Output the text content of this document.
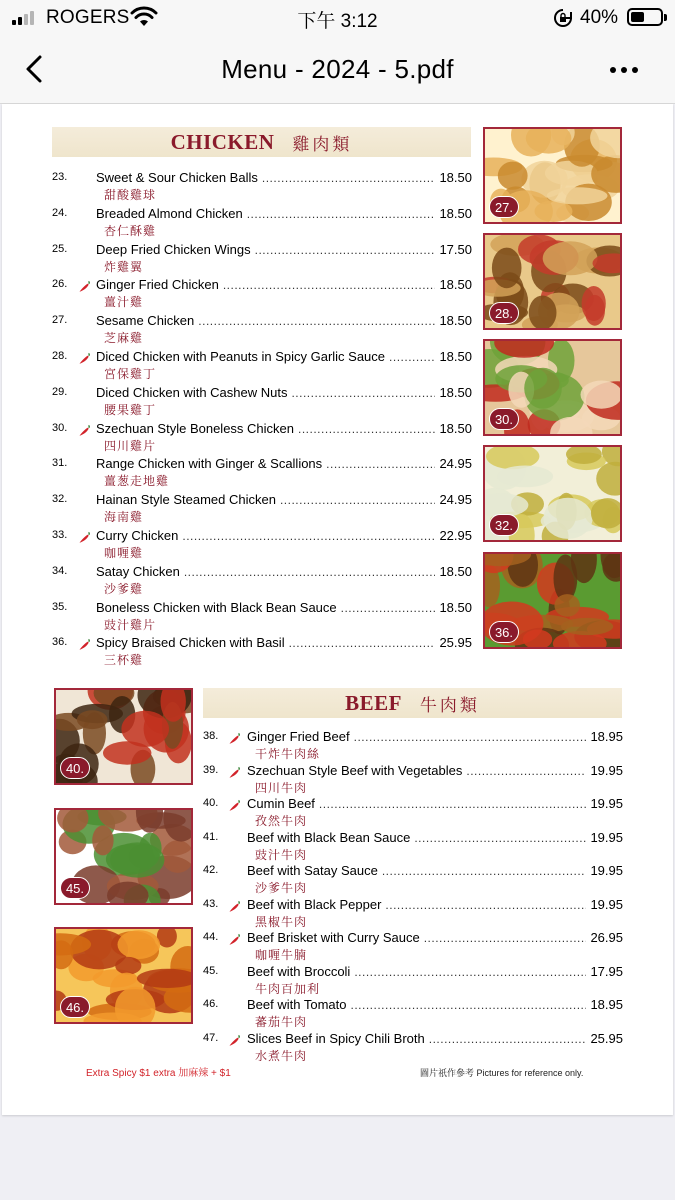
ROGERS	下午 3:12	40%
Menu - 2024 - 5.pdf
CHICKEN 雞肉類
23. Sweet & Sour Chicken Balls .....	18.50
甜酸雞球
24. Breaded Almond Chicken .....	18.50
杏仁酥雞
25. Deep Fried Chicken Wings .....	17.50
炸雞翼
26. Ginger Fried Chicken .....	18.50
薑汁雞
27. Sesame Chicken .....	18.50
芝麻雞
28. Diced Chicken with Peanuts in Spicy Garlic Sauce .....	18.50
宮保雞丁
29. Diced Chicken with Cashew Nuts .....	18.50
腰果雞丁
30. Szechuan Style Boneless Chicken .....	18.50
四川雞片
31. Range Chicken with Ginger & Scallions .....	24.95
薑葱走地雞
32. Hainan Style Steamed Chicken .....	24.95
海南雞
33. Curry Chicken .....	22.95
咖喱雞
34. Satay Chicken .....	18.50
沙爹雞
35. Boneless Chicken with Black Bean Sauce .....	18.50
豉汁雞片
36. Spicy Braised Chicken with Basil .....	25.95
三杯雞
27.
28.
30.
32.
36.
BEEF 牛肉類
38. Ginger Fried Beef .....	18.95
干炸牛肉絲
39. Szechuan Style Beef with Vegetables .....	19.95
四川牛肉
40. Cumin Beef .....	19.95
孜然牛肉
41. Beef with Black Bean Sauce .....	19.95
豉汁牛肉
42. Beef with Satay Sauce .....	19.95
沙爹牛肉
43. Beef with Black Pepper .....	19.95
黑椒牛肉
44. Beef Brisket with Curry Sauce .....	26.95
咖喱牛腩
45. Beef with Broccoli .....	17.95
牛肉百加利
46. Beef with Tomato .....	18.95
蕃茄牛肉
47. Slices Beef in Spicy Chili Broth .....	25.95
水煮牛肉
40.
45.
46.
Extra Spicy $1 extra 加麻辣 + $1	圖片祇作參考 Pictures for reference only.
